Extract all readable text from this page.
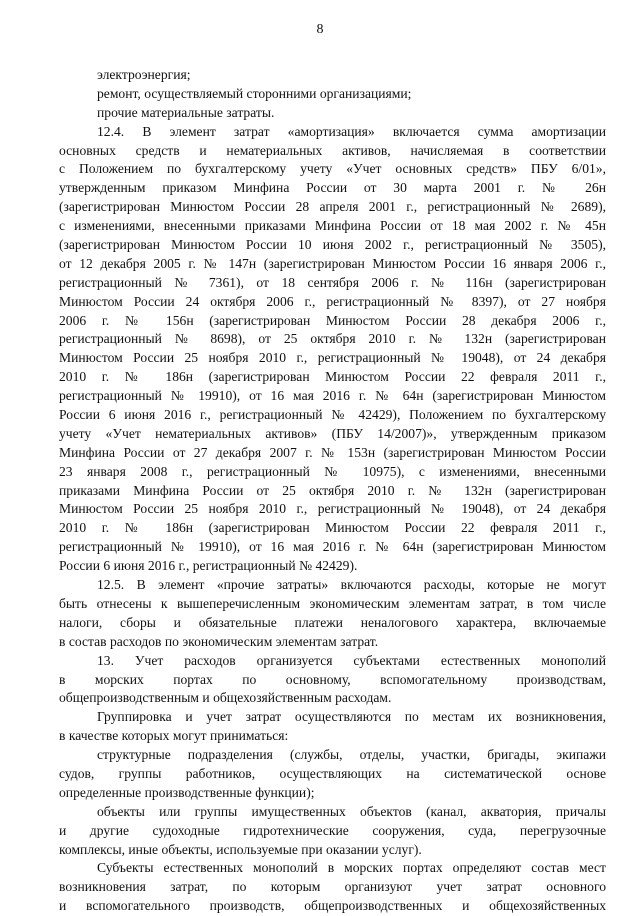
8
электроэнергия;
ремонт, осуществляемый сторонними организациями;
прочие материальные затраты.
12.4. В элемент затрат «амортизация» включается сумма амортизации
основных средств и нематериальных активов, начисляемая в соответствии
с Положением по бухгалтерскому учету «Учет основных средств» ПБУ 6/01»,
утвержденным приказом Минфина России от 30 марта 2001 г. № 26н
(зарегистрирован Минюстом России 28 апреля 2001 г., регистрационный № 2689),
с изменениями, внесенными приказами Минфина России от 18 мая 2002 г. № 45н
(зарегистрирован Минюстом России 10 июня 2002 г., регистрационный № 3505),
от 12 декабря 2005 г. № 147н (зарегистрирован Минюстом России 16 января 2006 г.,
регистрационный № 7361), от 18 сентября 2006 г. № 116н (зарегистрирован
Минюстом России 24 октября 2006 г., регистрационный № 8397), от 27 ноября
2006 г. № 156н (зарегистрирован Минюстом России 28 декабря 2006 г.,
регистрационный № 8698), от 25 октября 2010 г. № 132н (зарегистрирован
Минюстом России 25 ноября 2010 г., регистрационный № 19048), от 24 декабря
2010 г. № 186н (зарегистрирован Минюстом России 22 февраля 2011 г.,
регистрационный № 19910), от 16 мая 2016 г. № 64н (зарегистрирован Минюстом
России 6 июня 2016 г., регистрационный № 42429), Положением по бухгалтерскому
учету «Учет нематериальных активов» (ПБУ 14/2007)», утвержденным приказом
Минфина России от 27 декабря 2007 г. № 153н (зарегистрирован Минюстом России
23 января 2008 г., регистрационный № 10975), с изменениями, внесенными
приказами Минфина России от 25 октября 2010 г. № 132н (зарегистрирован
Минюстом России 25 ноября 2010 г., регистрационный № 19048), от 24 декабря
2010 г. № 186н (зарегистрирован Минюстом России 22 февраля 2011 г.,
регистрационный № 19910), от 16 мая 2016 г. № 64н (зарегистрирован Минюстом
России 6 июня 2016 г., регистрационный № 42429).
12.5. В элемент «прочие затраты» включаются расходы, которые не могут
быть отнесены к вышеперечисленным экономическим элементам затрат, в том числе
налоги, сборы и обязательные платежи неналогового характера, включаемые
в состав расходов по экономическим элементам затрат.
13. Учет расходов организуется субъектами естественных монополий
в морских портах по основному, вспомогательному производствам,
общепроизводственным и общехозяйственным расходам.
Группировка и учет затрат осуществляются по местам их возникновения,
в качестве которых могут приниматься:
структурные подразделения (службы, отделы, участки, бригады, экипажи
судов, группы работников, осуществляющих на систематической основе
определенные производственные функции);
объекты или группы имущественных объектов (канал, акватория, причалы
и другие судоходные гидротехнические сооружения, суда, перегрузочные
комплексы, иные объекты, используемые при оказании услуг).
Субъекты естественных монополий в морских портах определяют состав мест
возникновения затрат, по которым организуют учет затрат основного
и вспомогательного производств, общепроизводственных и общехозяйственных
